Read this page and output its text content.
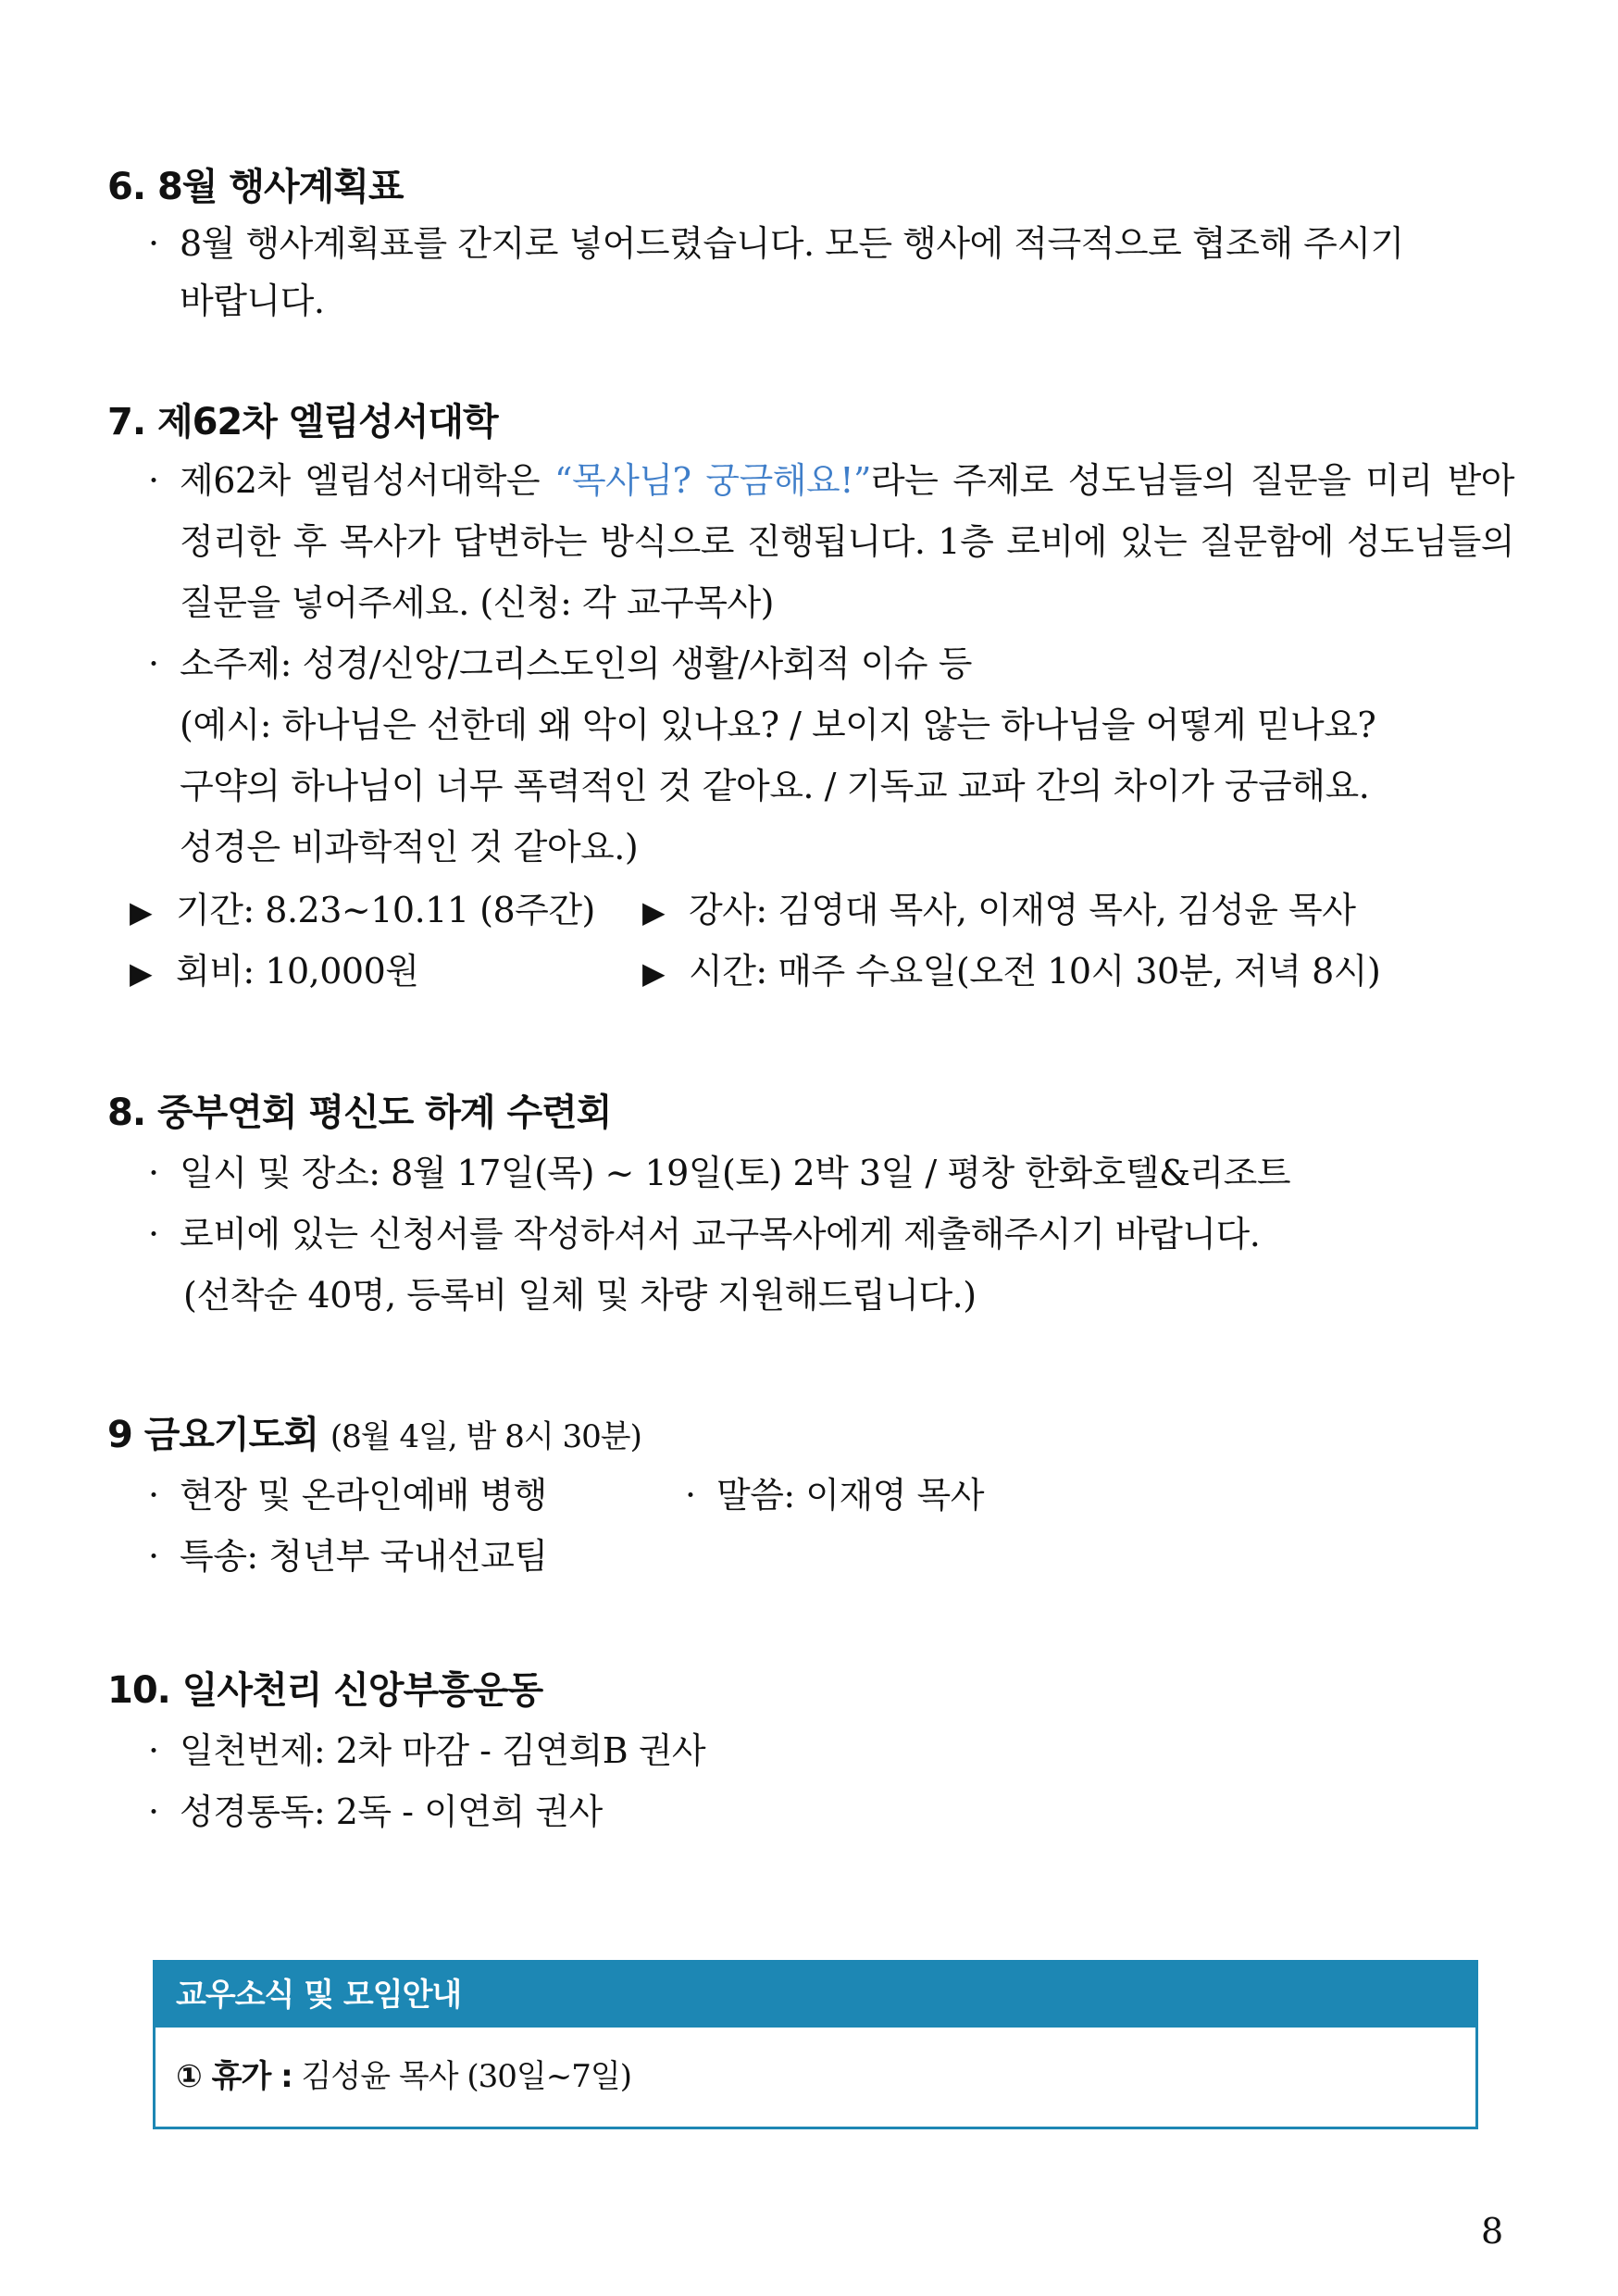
6. 8월 행사계획표
· 8월 행사계획표를 간지로 넣어드렸습니다. 모든 행사에 적극적으로 협조해 주시기
바랍니다.
7. 제62차 엘림성서대학
· 제62차 엘림성서대학은 “목사님? 궁금해요!”라는 주제로 성도님들의 질문을 미리 받아
정리한 후 목사가 답변하는 방식으로 진행됩니다. 1층 로비에 있는 질문함에 성도님들의
질문을 넣어주세요. (신청: 각 교구목사)
· 소주제: 성경/신앙/그리스도인의 생활/사회적 이슈 등
(예시: 하나님은 선한데 왜 악이 있나요? / 보이지 않는 하나님을 어떻게 믿나요?
구약의 하나님이 너무 폭력적인 것 같아요. / 기독교 교파 간의 차이가 궁금해요.
성경은 비과학적인 것 같아요.)
▶ 기간: 8.23~10.11 (8주간) ▶ 강사: 김영대 목사, 이재영 목사, 김성윤 목사
▶ 회비: 10,000원	▶ 시간: 매주 수요일(오전 10시 30분, 저녁 8시)
8. 중부연회 평신도 하계 수련회
· 일시 및 장소: 8월 17일(목) ~ 19일(토) 2박 3일 / 평창 한화호텔&리조트
· 로비에 있는 신청서를 작성하셔서 교구목사에게 제출해주시기 바랍니다.
(선착순 40명, 등록비 일체 및 차량 지원해드립니다.)
9 금요기도회 (8월 4일, 밤 8시 30분)
· 현장 및 온라인예배 병행	· 말씀: 이재영 목사
· 특송: 청년부 국내선교팀
10. 일사천리 신앙부흥운동
· 일천번제: 2차 마감 - 김연희B 권사
· 성경통독: 2독 - 이연희 권사
교우소식 및 모임안내
① 휴가 : 김성윤 목사 (30일~7일)
8
